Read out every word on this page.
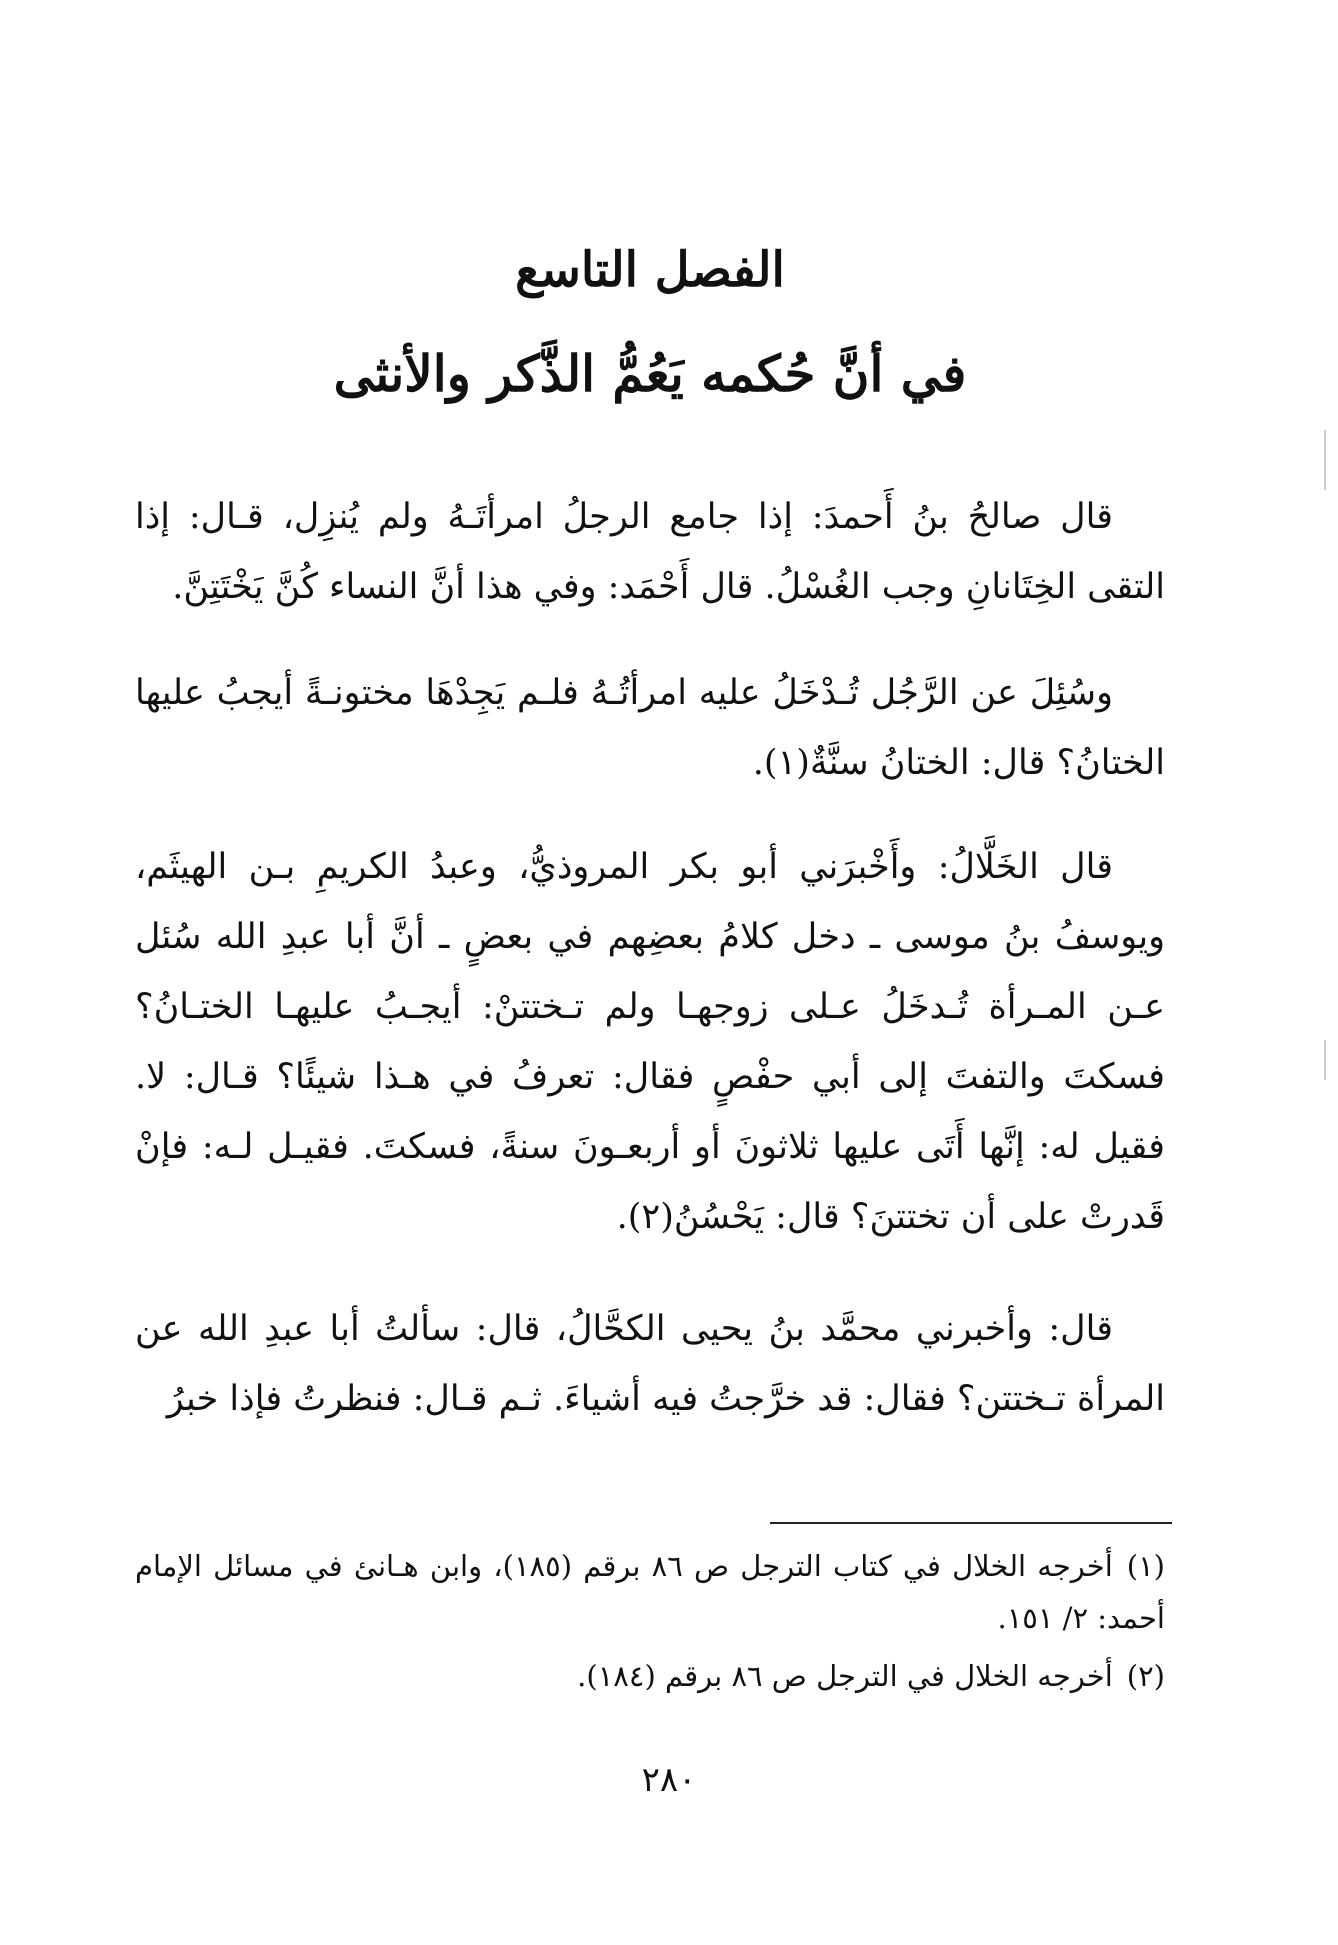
الفصل التاسع
في أنَّ حُكمه يَعُمُّ الذَّكر والأنثى

قال صالحُ بنُ أَحمدَ: إذا جامع الرجلُ امرأتَـهُ ولم يُنزِل، قـال: إذا التقى الخِتَانانِ وجب الغُسْلُ. قال أَحْمَد: وفي هذا أنَّ النساء كُنَّ يَخْتَتِنَّ.

وسُئِلَ عن الرَّجُل تُـدْخَلُ عليه امرأتُـهُ فلـم يَجِدْهَا مختونـةً أيجبُ عليها الختانُ؟ قال: الختانُ سنَّةٌ(١).

قال الخَلَّالُ: وأَخْبرَني أبو بكر المروذيُّ، وعبدُ الكريمِ بـن الهيثَم، ويوسفُ بنُ موسى ـ دخل كلامُ بعضِهم في بعضٍ ـ أنَّ أبا عبدِ الله سُئل عـن المـرأة تُـدخَلُ عـلى زوجهـا ولم تـختتنْ: أيجـبُ عليهـا الختـانُ؟ فسكتَ والتفتَ إلى أبي حفْصٍ فقال: تعرفُ في هـذا شيئًا؟ قـال: لا. فقيل له: إنَّها أَتَى عليها ثلاثونَ أو أربعـونَ سنةً، فسكتَ. فقيـل لـه: فإنْ قَدرتْ على أن تختتنَ؟ قال: يَحْسُنُ(٢).

قال: وأخبرني محمَّد بنُ يحيى الكحَّالُ، قال: سألتُ أبا عبدِ الله عن المرأة تـختتن؟ فقال: قد خرَّجتُ فيه أشياءَ. ثـم قـال: فنظرتُ فإذا خبرُ

(١)أخرجه الخلال في كتاب الترجل ص ٨٦ برقم (١٨٥)، وابن هـانئ في مسائل الإمام أحمد: ٢/ ١٥١.

(٢)أخرجه الخلال في الترجل ص ٨٦ برقم (١٨٤).

٢٨٠
